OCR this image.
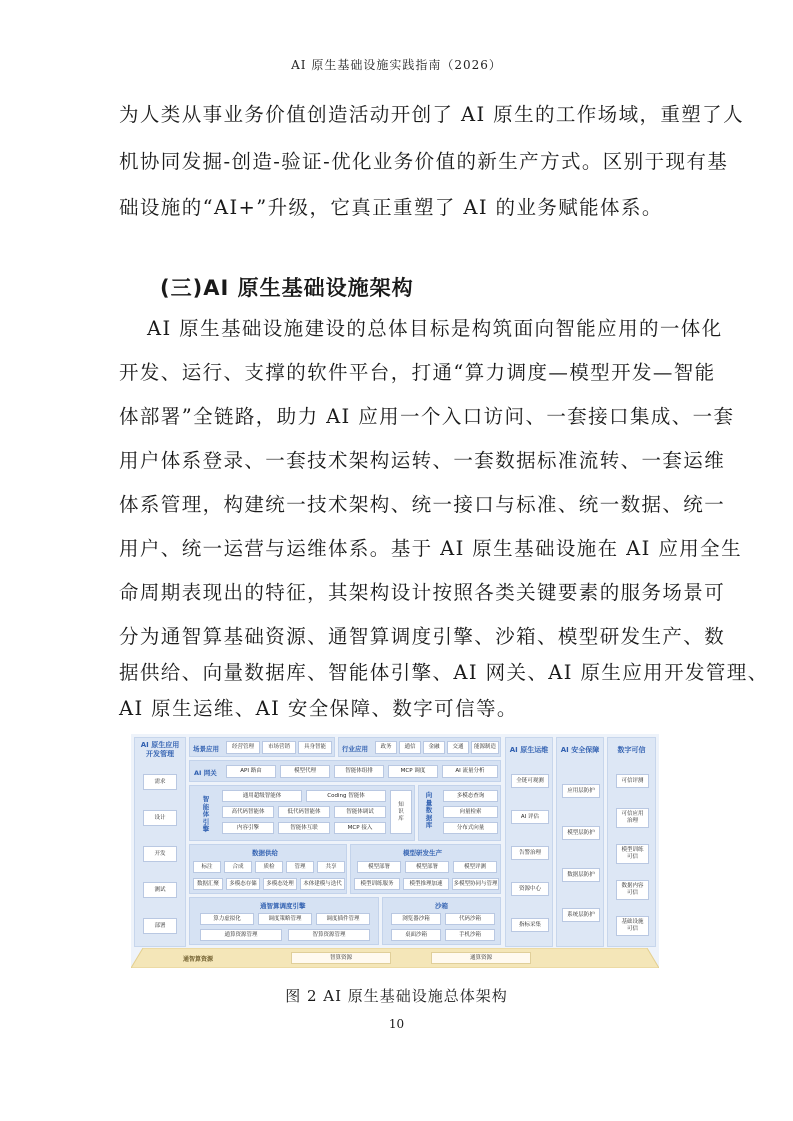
AI 原生基础设施实践指南（2026）
为人类从事业务价值创造活动开创了 AI 原生的工作场域，重塑了人
机协同发掘-创造-验证-优化业务价值的新生产方式。区别于现有基
础设施的“AI+”升级，它真正重塑了 AI 的业务赋能体系。
(三)AI 原生基础设施架构
AI 原生基础设施建设的总体目标是构筑面向智能应用的一体化
开发、运行、支撑的软件平台，打通“算力调度—模型开发—智能
体部署”全链路，助力 AI 应用一个入口访问、一套接口集成、一套
用户体系登录、一套技术架构运转、一套数据标准流转、一套运维
体系管理，构建统一技术架构、统一接口与标准、统一数据、统一
用户、统一运营与运维体系。基于 AI 原生基础设施在 AI 应用全生
命周期表现出的特征，其架构设计按照各类关键要素的服务场景可
分为通智算基础资源、通智算调度引擎、沙箱、模型研发生产、数
据供给、向量数据库、智能体引擎、AI 网关、AI 原生应用开发管理、
AI 原生应用开发管理
需求
设计
开发
测试
部署
场景应用	经营管理	市场营销	具身智能	行业应用	政务	通信	金融	交通	能源制造
AI 网关	API 路由	模型代理	智能体组排	MCP 调度	AI 流量分析
智能体引擎
通用超级智能体	Coding 智能体
高代码智能体	低代码智能体	智能体调试
内容引擎	智能体互联	MCP 接入
知识库
向量数据库
多模态查询
向量检索
分布式向量
数据供给
标注	合成	质检	管理	共享
数据汇聚	多模态存储	多模态处理	本体建模与迭代
模型研发生产
模型部署	模型部署	模型评测
模型训练服务	模型推理加速	多模型协同与管理
通智算调度引擎
算力虚拟化	调度策略管理	调度插件管理
通算资源管理	智算资源管理
沙箱
浏览器沙箱	代码沙箱
桌面沙箱	手机沙箱
AI 原生运维
全链可观测
AI 评估
告警治理
资源中心
指标采集
AI 安全保障
应用层防护
模型层防护
数据层防护
系统层防护
数字可信
可信评测
可信应用治理
模型训练可信
数据内容可信
基础设施可信
通智算资源	智算资源	通算资源
图 2 AI 原生基础设施总体架构
10
AI 原生运维、AI 安全保障、数字可信等。
